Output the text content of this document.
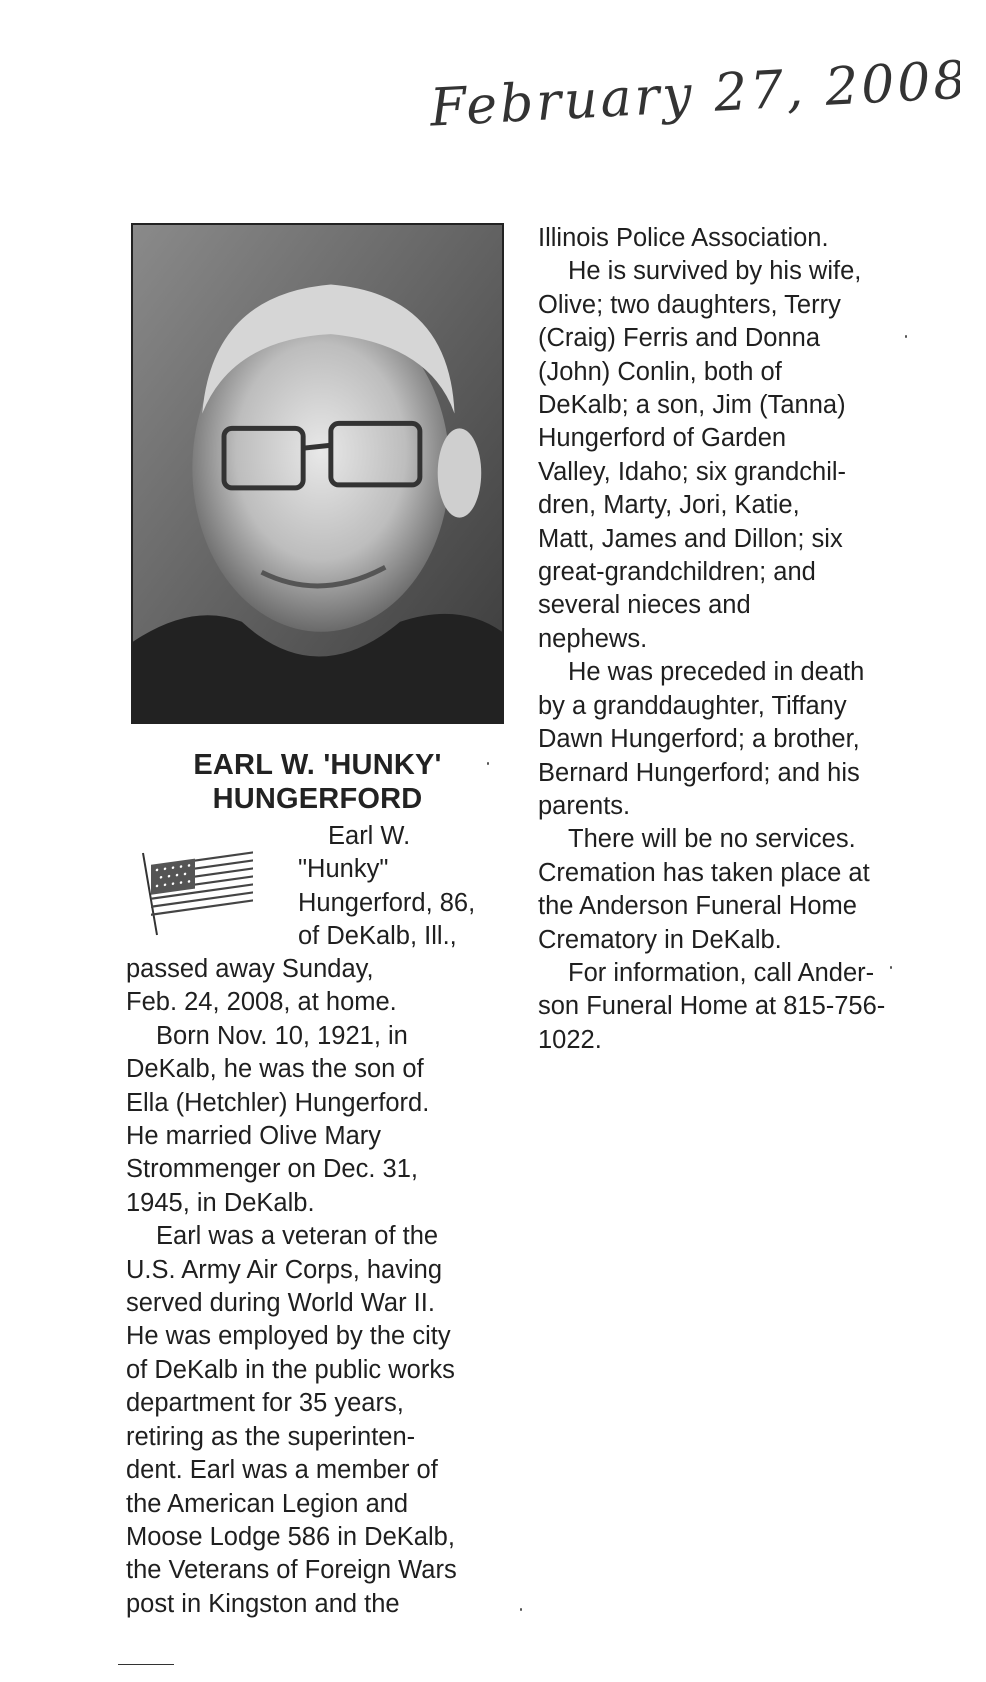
February 27, 2008
EARL W. 'HUNKY'
HUNGERFORD

Earl W.

"Hunky"

Hungerford, 86,

of DeKalb, Ill.,

passed away Sunday,

Feb. 24, 2008, at home.

Born Nov. 10, 1921, in

DeKalb, he was the son of

Ella (Hetchler) Hungerford.

He married Olive Mary

Strommenger on Dec. 31,

1945, in DeKalb.

Earl was a veteran of the

U.S. Army Air Corps, having

served during World War II.

He was employed by the city

of DeKalb in the public works

department for 35 years,

retiring as the superinten-

dent. Earl was a member of

the American Legion and

Moose Lodge 586 in DeKalb,

the Veterans of Foreign Wars

post in Kingston and the

Illinois Police Association.

He is survived by his wife,

Olive; two daughters, Terry

(Craig) Ferris and Donna

(John) Conlin, both of

DeKalb; a son, Jim (Tanna)

Hungerford of Garden

Valley, Idaho; six grandchil-

dren, Marty, Jori, Katie,

Matt, James and Dillon; six

great-grandchildren; and

several nieces and

nephews.

He was preceded in death

by a granddaughter, Tiffany

Dawn Hungerford; a brother,

Bernard Hungerford; and his

parents.

There will be no services.

Cremation has taken place at

the Anderson Funeral Home

Crematory in DeKalb.

For information, call Ander-

son Funeral Home at 815-756-

1022.
